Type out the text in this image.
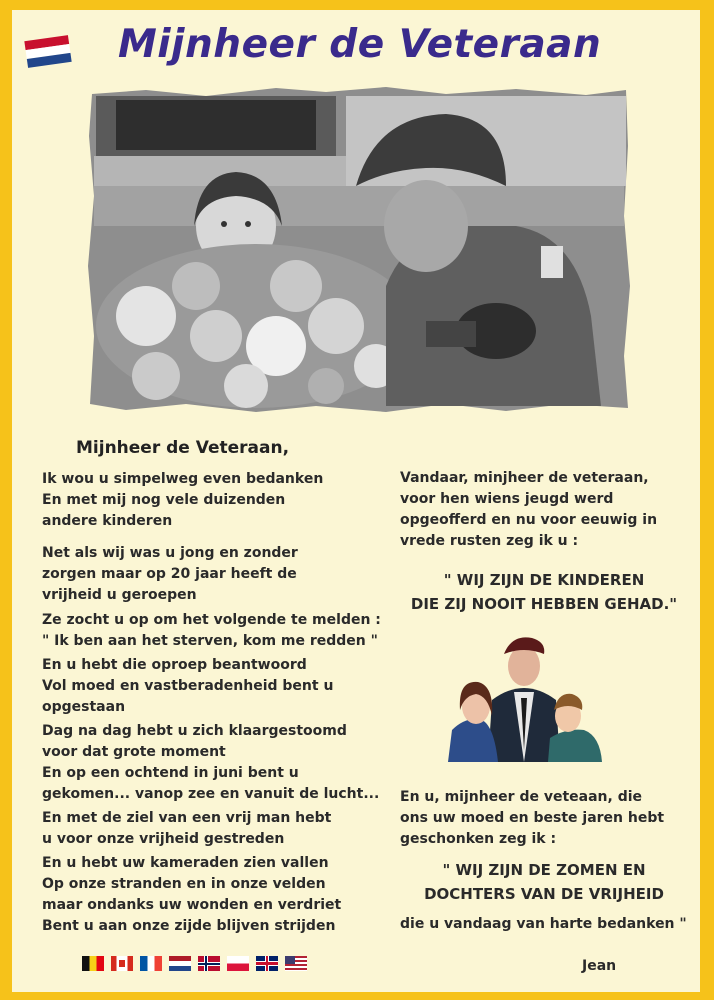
Mijnheer de Veteraan
Mijnheer de Veteraan,
Ik wou u simpelweg even bedanken
En met mij nog vele duizenden
andere kinderen
Net als wij was u jong en zonder
zorgen maar op 20 jaar heeft de
vrijheid u geroepen
Ze zocht u op om het volgende te melden :
" Ik ben aan het sterven, kom me redden "
En u hebt die oproep beantwoord
Vol moed en vastberadenheid bent u
opgestaan
Dag na dag hebt u zich klaargestoomd
voor dat grote moment
En op een ochtend in juni bent u
gekomen... vanop zee en vanuit de lucht...
En met de ziel van een vrij man hebt
u voor onze vrijheid gestreden
En u hebt uw kameraden zien vallen
Op onze stranden en in onze velden
maar ondanks uw wonden en verdriet
Bent u aan onze zijde blijven strijden
Vandaar, minjheer de veteraan,
voor hen wiens jeugd werd
opgeofferd en nu voor eeuwig in
vrede rusten zeg ik u :
" WIJ ZIJN DE KINDEREN
DIE ZIJ NOOIT HEBBEN GEHAD."
En u, mijnheer de veteaan, die
ons uw moed en beste jaren hebt
geschonken zeg ik :
" WIJ ZIJN DE ZOMEN EN
DOCHTERS VAN DE VRIJHEID
die u vandaag van harte bedanken "
Jean
